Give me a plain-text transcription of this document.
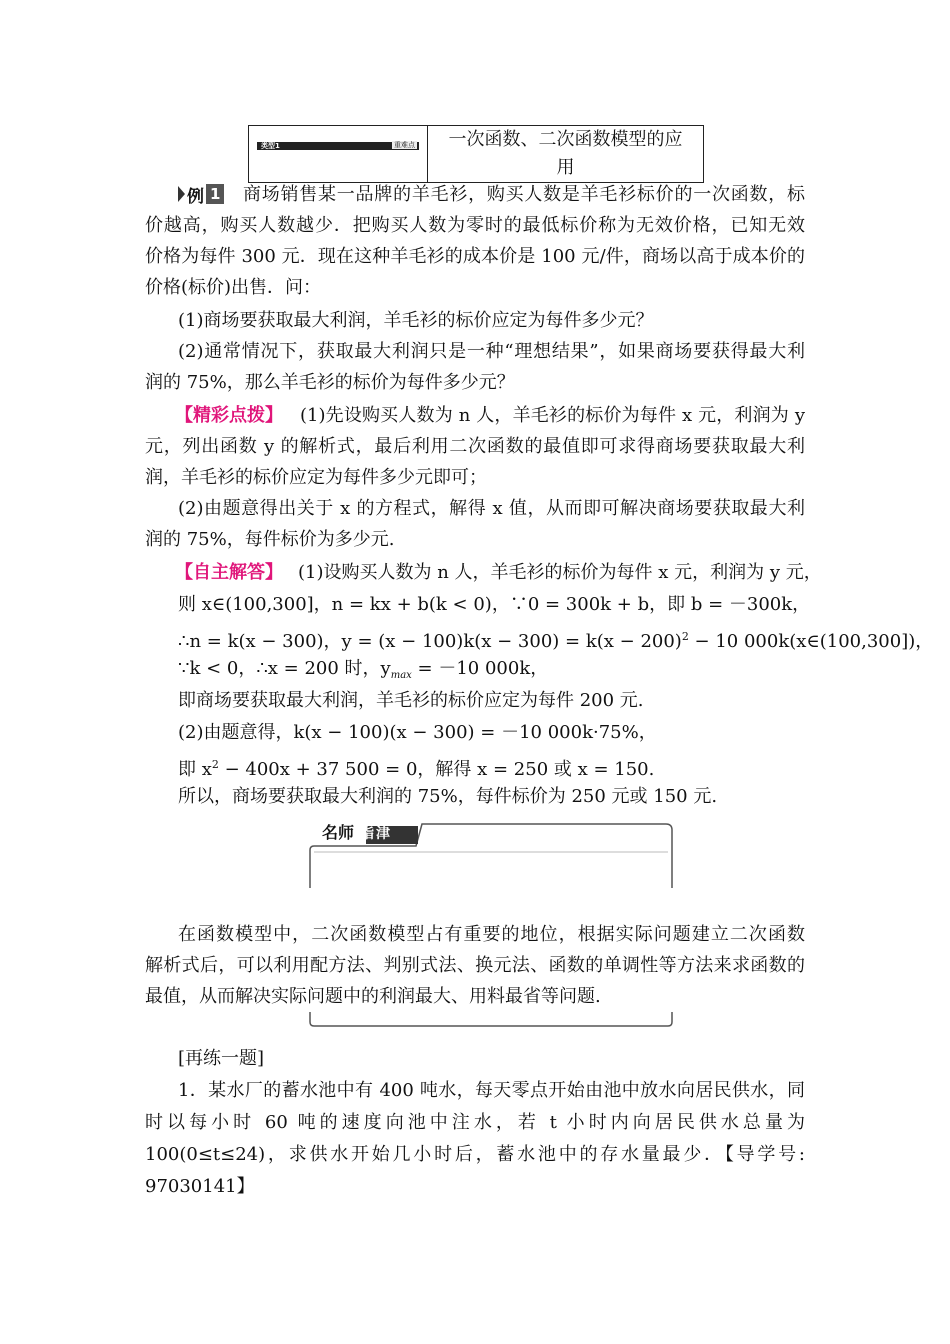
类型1	重难点	一次函数、二次函数模型的应
用
例 1 商场销售某一品牌的羊毛衫，购买人数是羊毛衫标价的一次函数，标
价越高，购买人数越少．把购买人数为零时的最低标价称为无效价格，已知无效
价格为每件 300 元．现在这种羊毛衫的成本价是 100 元/件，商场以高于成本价的
价格(标价)出售．问：
(1)商场要获取最大利润，羊毛衫的标价应定为每件多少元？
(2)通常情况下，获取最大利润只是一种“理想结果”，如果商场要获得最大利
润的 75%，那么羊毛衫的标价为每件多少元？
【精彩点拨】 (1)先设购买人数为 n 人，羊毛衫的标价为每件 x 元，利润为 y
元，列出函数 y 的解析式，最后利用二次函数的最值即可求得商场要获取最大利
润，羊毛衫的标价应定为每件多少元即可；
(2)由题意得出关于 x 的方程式，解得 x 值，从而即可解决商场要获取最大利
润的 75%，每件标价为多少元.
【自主解答】 (1)设购买人数为 n 人，羊毛衫的标价为每件 x 元，利润为 y 元，
则 x∈(100,300]，n = kx + b(k < 0)，∵0 = 300k + b，即 b = －300k，
∴n = k(x − 300)，$y = (x - 100)k(x - 300) = k(x - 200)^2 - 10$ 000k(x∈(100,300])，
∵k < 0，∴x = 200 时，$y_{max} = -10$ 000k，
即商场要获取最大利润，羊毛衫的标价应定为每件 200 元.
(2)由题意得，k(x − 100)(x − 300) = －10 000k·75%，
即 $x^2 - 400x + 37$ 500 = 0，解得 x = 250 或 x = 150.
所以，商场要获取最大利润的 75%，每件标价为 250 元或 150 元.
名师 指津
在函数模型中，二次函数模型占有重要的地位，根据实际问题建立二次函数
解析式后，可以利用配方法、判别式法、换元法、函数的单调性等方法来求函数的
最值，从而解决实际问题中的利润最大、用料最省等问题.
[再练一题]
1．某水厂的蓄水池中有 400 吨水，每天零点开始由池中放水向居民供水，同
时以每小时 60 吨的速度向池中注水，若 t 小时内向居民供水总量为
100(0≤t≤24)，求供水开始几小时后，蓄水池中的存水量最少．【导学号:
97030141】
